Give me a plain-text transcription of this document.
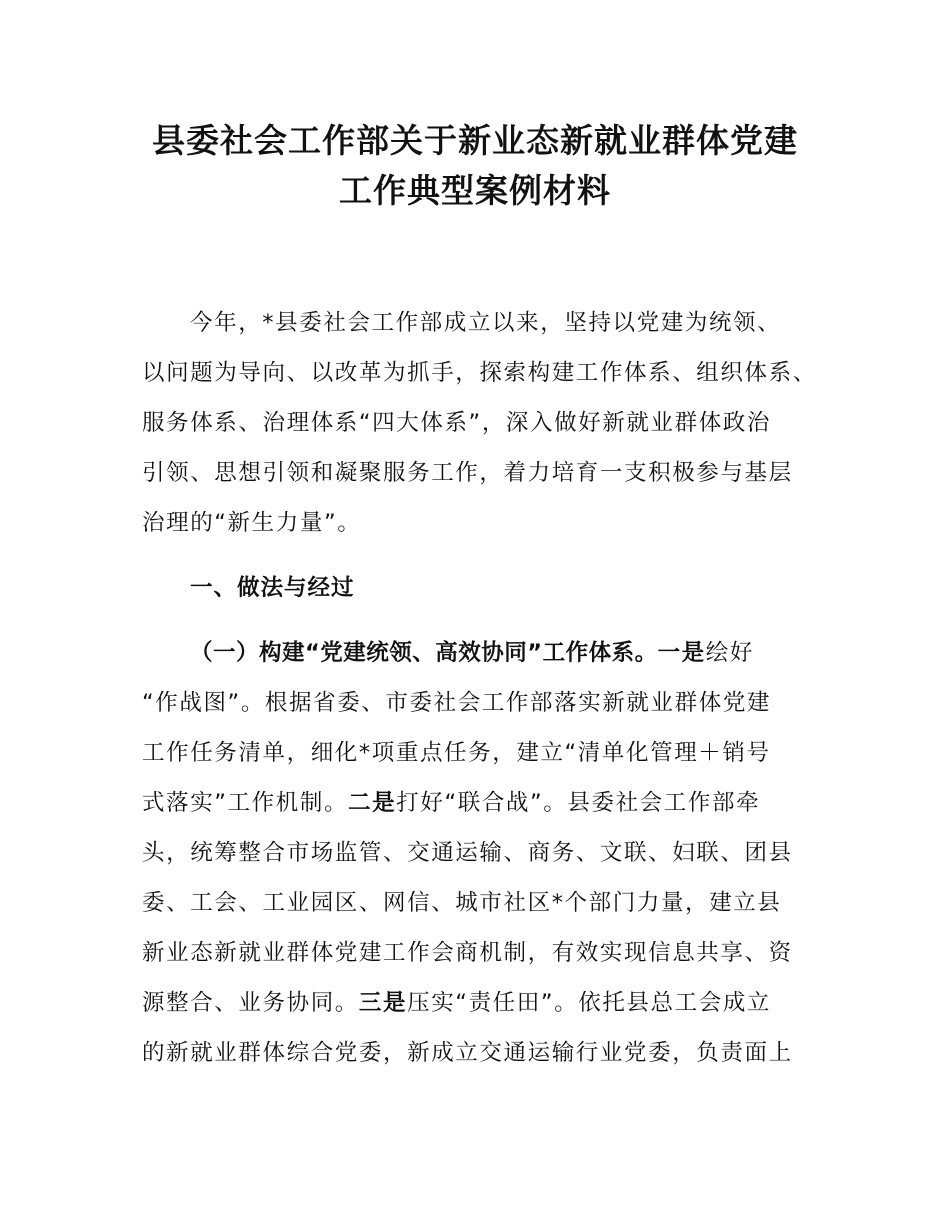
县委社会工作部关于新业态新就业群体党建
工作典型案例材料
今年，*县委社会工作部成立以来，坚持以党建为统领、
以问题为导向、以改革为抓手，探索构建工作体系、组织体系、
服务体系、治理体系“四大体系”，深入做好新就业群体政治
引领、思想引领和凝聚服务工作，着力培育一支积极参与基层
治理的“新生力量”。
一、做法与经过
（一）构建“党建统领、高效协同”工作体系。一是绘好
“作战图”。根据省委、市委社会工作部落实新就业群体党建
工作任务清单，细化*项重点任务，建立“清单化管理＋销号
式落实”工作机制。二是打好“联合战”。县委社会工作部牵
头，统筹整合市场监管、交通运输、商务、文联、妇联、团县
委、工会、工业园区、网信、城市社区*个部门力量，建立县
新业态新就业群体党建工作会商机制，有效实现信息共享、资
源整合、业务协同。三是压实“责任田”。依托县总工会成立
的新就业群体综合党委，新成立交通运输行业党委，负责面上
